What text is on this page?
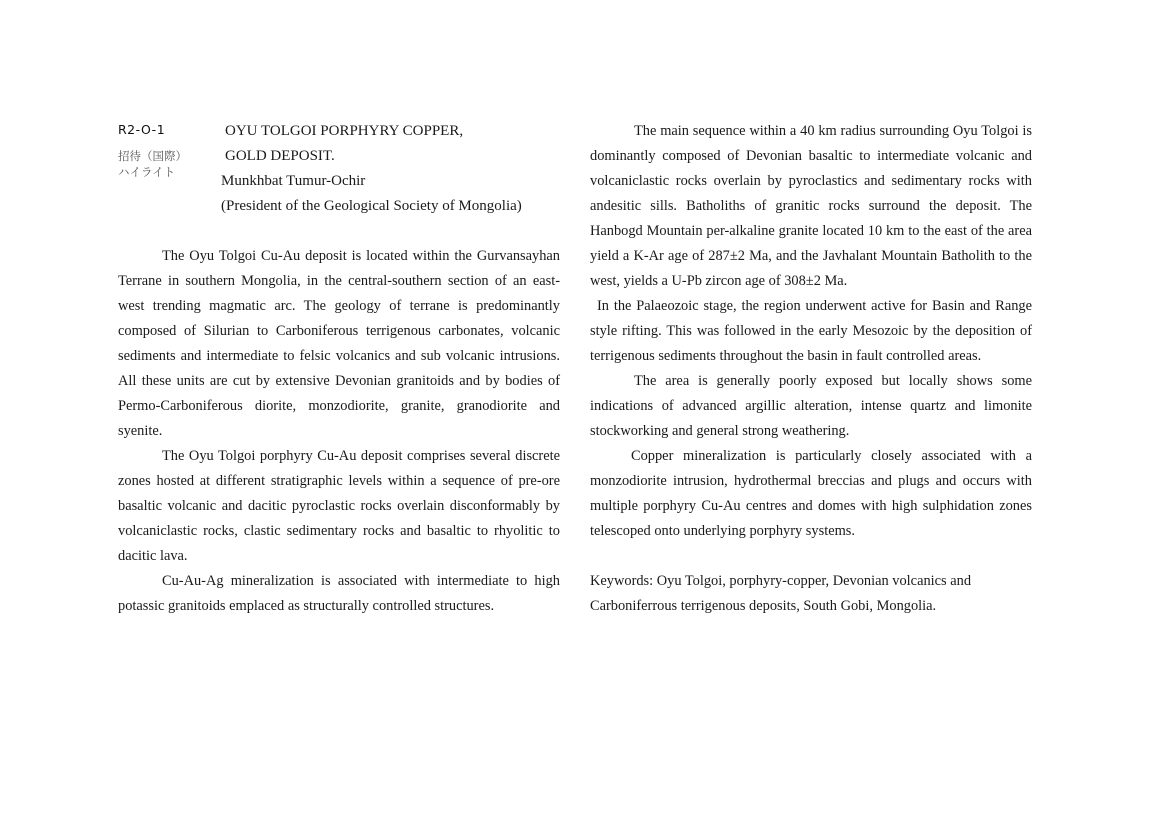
R2-O-1
招待（国際）
ハイライト
OYU TOLGOI PORPHYRY COPPER,
GOLD DEPOSIT.
Munkhbat Tumur-Ochir
(President of the Geological Society of Mongolia)

The Oyu Tolgoi Cu-Au deposit is located within the Gurvansayhan Terrane in southern Mongolia, in the central-southern section of an east-west trending magmatic arc. The geology of terrane is predominantly composed of Silurian to Carboniferous terrigenous carbonates, volcanic sediments and intermediate to felsic volcanics and sub volcanic intrusions. All these units are cut by extensive Devonian granitoids and by bodies of Permo-Carboniferous diorite, monzodiorite, granite, granodiorite and syenite.

The Oyu Tolgoi porphyry Cu-Au deposit comprises several discrete zones hosted at different stratigraphic levels within a sequence of pre-ore basaltic volcanic and dacitic pyroclastic rocks overlain disconformably by volcaniclastic rocks, clastic sedimentary rocks and basaltic to rhyolitic to dacitic lava.

Cu-Au-Ag mineralization is associated with intermediate to high potassic granitoids emplaced as structurally controlled structures.

The main sequence within a 40 km radius surrounding Oyu Tolgoi is dominantly composed of Devonian basaltic to intermediate volcanic and volcaniclastic rocks overlain by pyroclastics and sedimentary rocks with andesitic sills. Batholiths of granitic rocks surround the deposit. The Hanbogd Mountain per-alkaline granite located 10 km to the east of the area yield a K-Ar age of 287±2 Ma, and the Javhalant Mountain Batholith to the west, yields a U-Pb zircon age of 308±2 Ma.

In the Palaeozoic stage, the region underwent active for Basin and Range style rifting. This was followed in the early Mesozoic by the deposition of terrigenous sediments throughout the basin in fault controlled areas.

The area is generally poorly exposed but locally shows some indications of advanced argillic alteration, intense quartz and limonite stockworking and general strong weathering.

Copper mineralization is particularly closely associated with a monzodiorite intrusion, hydrothermal breccias and plugs and occurs with multiple porphyry Cu-Au centres and domes with high sulphidation zones telescoped onto underlying porphyry systems.

Keywords: Oyu Tolgoi, porphyry-copper, Devonian volcanics and Carboniferrous terrigenous deposits, South Gobi, Mongolia.
